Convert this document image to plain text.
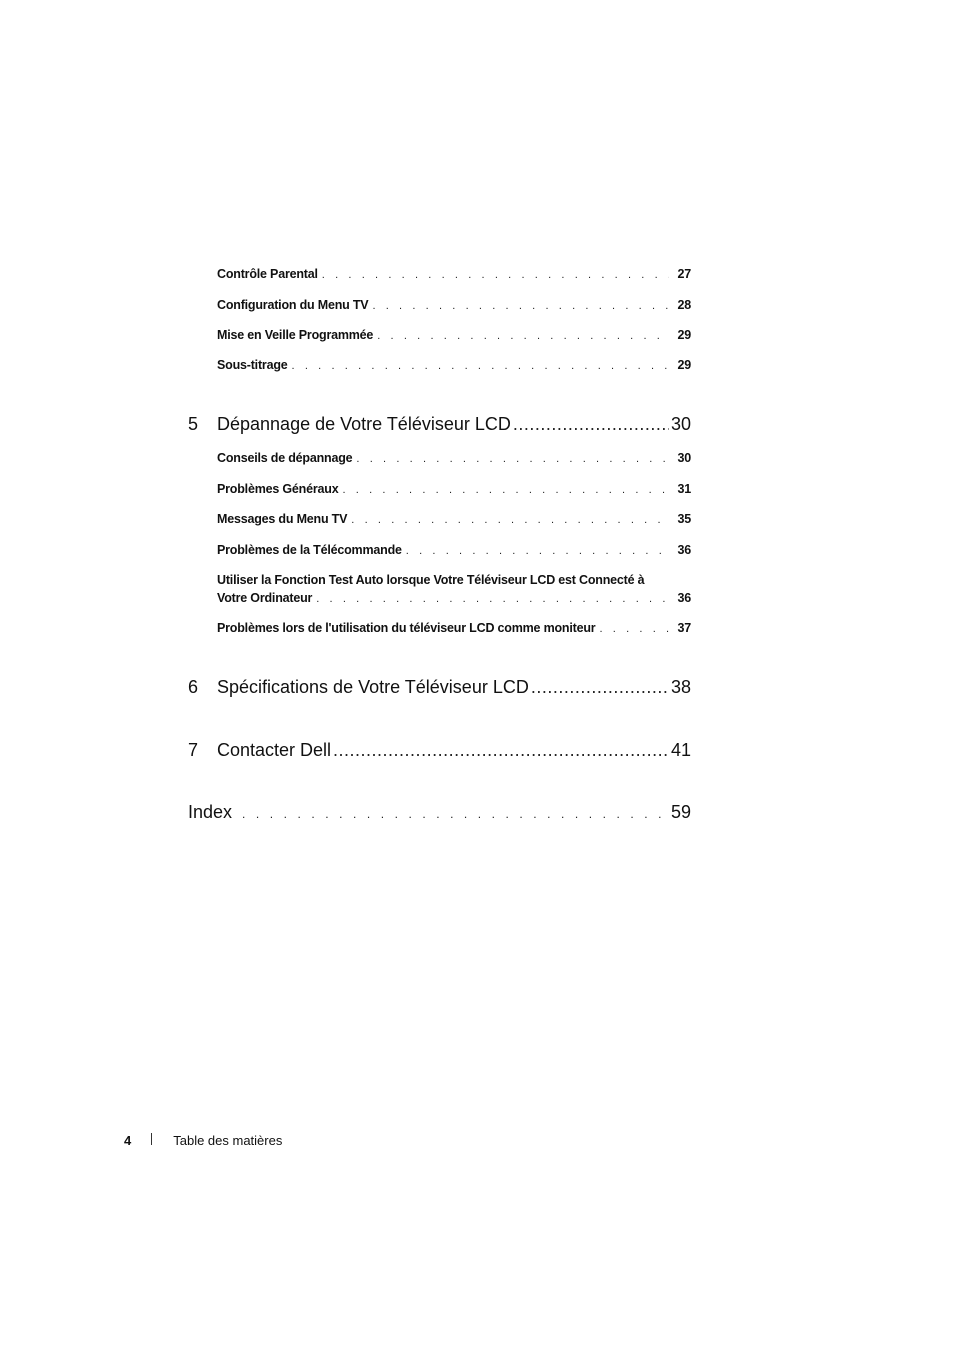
Contrôle Parental . . .	27
Configuration du Menu TV . . .	28
Mise en Veille Programmée . . .	29
Sous-titrage . . .	29
5 Dépannage de Votre Téléviseur LCD .....	30
Conseils de dépannage . . .	30
Problèmes Généraux . . .	31
Messages du Menu TV . . .	35
Problèmes de la Télécommande . . .	36
Utiliser la Fonction Test Auto lorsque Votre Téléviseur LCD est Connecté à
Votre Ordinateur . . .	36
Problèmes lors de l'utilisation du téléviseur LCD comme moniteur . . .	37
6 Spécifications de Votre Téléviseur LCD .....	38
7 Contacter Dell .....	41
Index . . .	59
4	Table des matières
